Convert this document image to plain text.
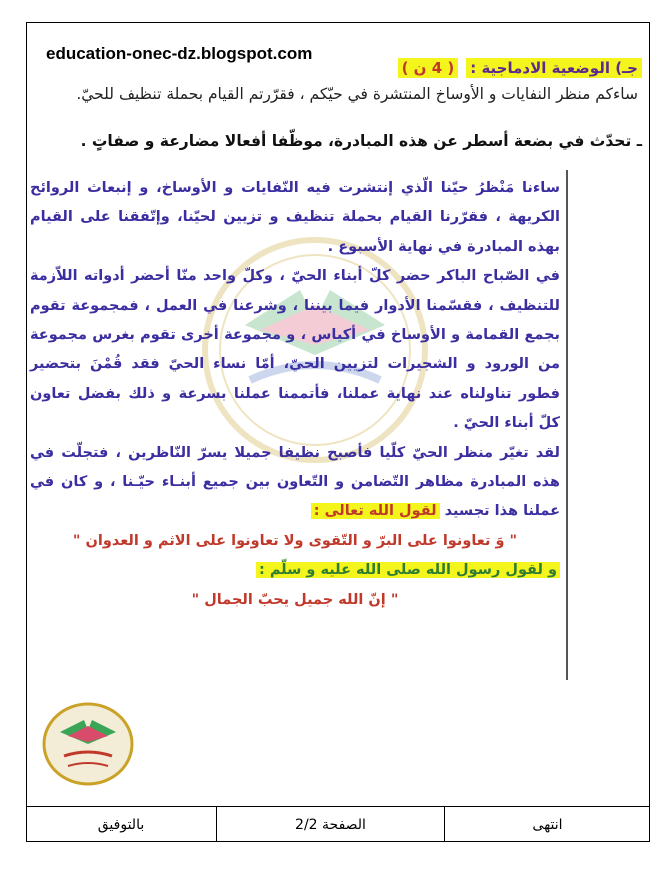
education-onec-dz.blogspot.com
جـ) الوضعية الادماجية :
( 4 ن )
ساءكم منظر النفايات و الأوساخ المنتشرة في حيّكم ، فقرّرتم القيام بحملة تنظيف للحيّ.
ـ تحدّث في بضعة أسطر عن هذه المبادرة، موظّفا أفعالا مضارعة و صفاتٍ .

ساءنا مَنْظرُ حيّنا الّذي إنتشرت فيه النّفايات و الأوساخ، و إنبعاث الروائح الكريهة ، فقرّرنا القيام بحملة تنظيف و تزيين لحيّنا، وإتّفقنا على القيام بهذه المبادرة في نهاية الأسبوع .

في الصّباح الباكر حضر كلّ أبناء الحيّ ، وكلّ واحد منّا أحضر أدواته اللاّزمة للتنظيف ، فقسّمنا الأدوار فيما بيننا ، وشرعنا في العمل ، فمجموعة تقوم بجمع القمامة و الأوساخ في أكياس ، و مجموعة أخرى تقوم بغرس مجموعة من الورود و الشجيرات لتزيين الحيّ، أمّا نساء الحيّ فقد قُمْنَ بتحضير فطور تناولناه عند نهاية عملنا، فأتممنا عملنا بسرعة و ذلك بفضل تعاون كلّ أبناء الحيّ .

لقد تغيّر منظر الحيّ كلّيا فأصبح نظيفا جميلا يسرّ النّاظرين ، فتجلّت في هذه المبادرة مظاهر التّضامن و التّعاون بين جميع أبنـاء حيّـنا ، و كان في عملنا هذا تجسيد لقول الله تعالى :

" وَ تعاونوا على البرّ و التّقوى ولا تعاونوا على الاثم و العدوان "

و لقول رسول الله صلى الله عليه و سلّم :

" إنّ الله جميل يحبّ الجمال "

بالتوفيق	الصفحة 2/2	انتهى
